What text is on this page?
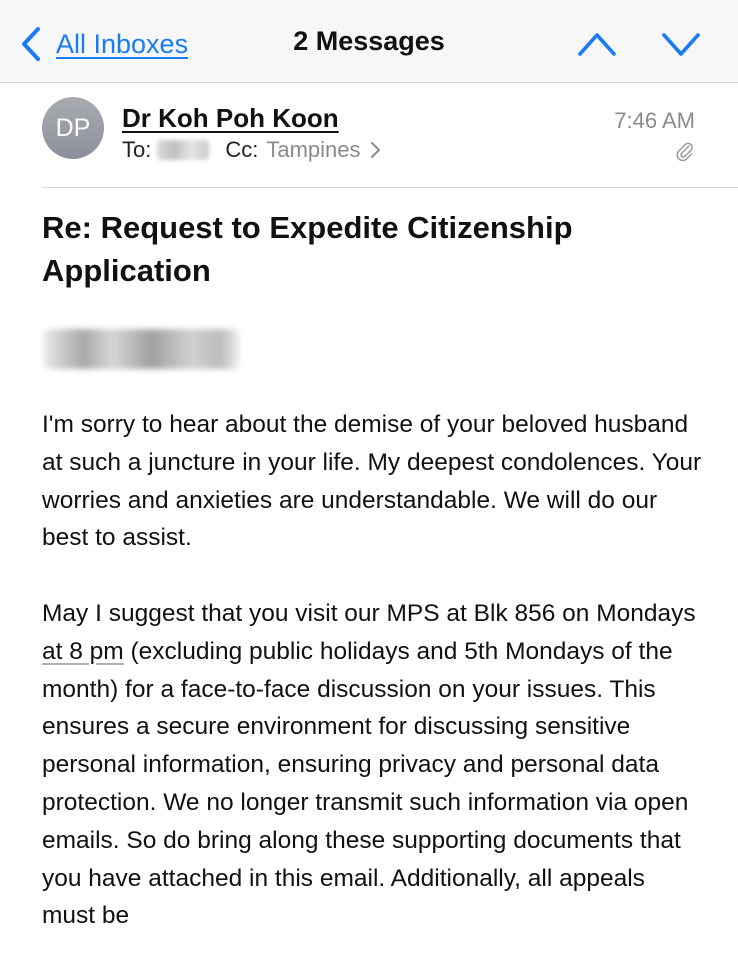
All Inboxes	2 Messages
DP Dr Koh Poh Koon
To:	Cc: Tampines
7:46 AM
Re: Request to Expedite Citizenship Application

I'm sorry to hear about the demise of your beloved husband at such a juncture in your life. My deepest condolences. Your worries and anxieties are understandable. We will do our best to assist.

May I suggest that you visit our MPS at Blk 856 on Mondays at 8 pm (excluding public holidays and 5th Mondays of the month) for a face-to-face discussion on your issues. This ensures a secure environment for discussing sensitive personal information, ensuring privacy and personal data protection. We no longer transmit such information via open emails. So do bring along these supporting documents that you have attached in this email. Additionally, all appeals must be
